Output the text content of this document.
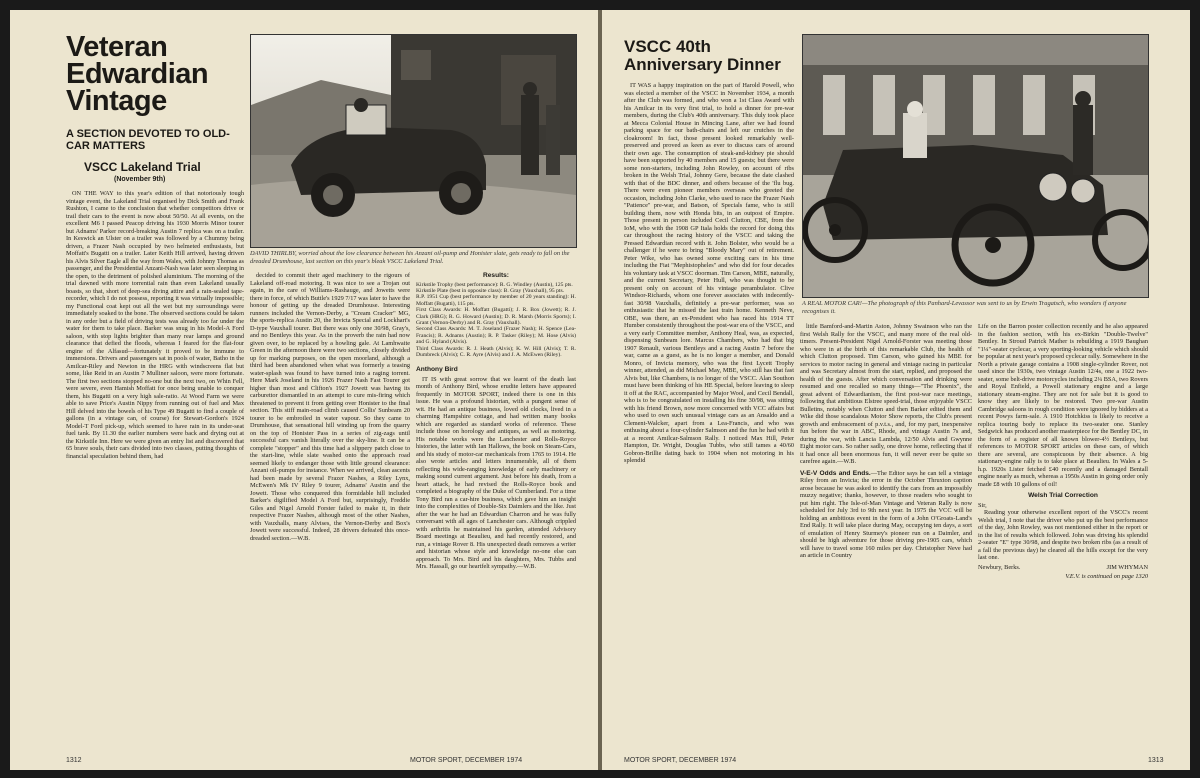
Veteran
Edwardian
Vintage
A SECTION DEVOTED TO OLD-CAR MATTERS
VSCC Lakeland Trial
(November 9th)
DAVID THIRLBY, worried about the low clearance between his Anzani oil-pump and Honister slate, gets ready to fall on the dreaded Drumhouse, last section on this year's bleak VSCC Lakeland Trial.

ON THE WAY to this year's edition of that notoriously tough vintage event, the Lakeland Trial organised by Dick Smith and Frank Rushton, I came to the conclusion that whether competitors drive or trail their cars to the event is now about 50/50. At all events, on the excellent M6 I passed Peacop driving his 1930 Morris Minor tourer but Adnams' Parker record-breaking Austin 7 replica was on a trailer. In Keswick an Ulster on a trailer was followed by a Chummy being driven, a Frazer Nash occupied by two helmeted enthusiasts, but Moffatt's Bugatti on a trailer. Later Keith Hill arrived, having driven his Alvis Silver Eagle all the way from Wales, with Johnny Thomas as passenger, and the Presidential Anzani-Nash was later seen sleeping in the open, to the detriment of polished aluminium. The morning of the trial dawned with more torrential rain than even Lakeland usually boasts, so that, short of deep-sea diving attire and a rain-sealed tape-recorder, which I do not possess, reporting it was virtually impossible; my Functional coat kept out all the wet but my surroundings were immediately soaked to the bone. The observed sections could be taken in any order but a field of driving tests was already too far under the water for them to take place. Barker was snug in his Model-A Ford saloon, with stop lights brighter than many rear lamps and ground clearance that defied the floods, whereas I feared for the flat-four engine of the Alfasud—fortunately it proved to be immune to immersions. Drivers and passengers sat in pools of water, Batho in the Amilcar-Riley and Newton in the HRG with windscreens flat but some, like Reid in an Austin 7 Mulliner saloon, were more fortunate. The first two sections stopped no-one but the next two, on Whin Fell, were severe, even Hamish Moffatt for once being unable to conquer them, his Bugatti on a very high sale-ratio. At Wood Farm we were able to save Price's Austin Nippy from running out of fuel and Max Hill delved into the bowels of his Type 49 Bugatti to find a couple of gallons (in a vintage can, of course) for Stewart-Gordon's 1924 Model-T Ford pick-up, which seemed to have rain in its under-seat fuel tank. By 11.30 the earlier numbers were back and drying out at the Kirkstile Inn. Here we were given an entry list and discovered that 65 brave souls, their cars divided into two classes, putting thoughts of financial speculation behind them, had

decided to commit their aged machinery to the rigours of Lakeland off-road motoring. It was nice to see a Trojan out again, in the care of Williams-Rashauge, and Jowetts were there in force, of which Buttle's 1929 7/17 was later to have the honour of getting up the dreaded Drumhouse. Interesting runners included the Vernon-Derby, a "Cream Cracker" MG, the sports-replica Austin 20, the Invicta Special and Lockhart's D-type Vauxhall tourer. But there was only one 30/98, Gray's, and no Bentleys this year. As in the proverb the rain had now given over, to be replaced by a howling gale. At Lamhwaite Green in the afternoon there were two sections, closely divided up for marking purposes, on the open moorland, although a third had been abandoned when what was formerly a teasing water-splash was found to have turned into a raging torrent. Here Mark Joseland in his 1926 Frazer Nash Fast Tourer got higher than most and Clifton's 1927 Jowett was having its carburettor dismantled in an attempt to cure mis-firing which threatened to prevent it from getting over Honister to the final section. This stiff main-road climb caused Collis' Sunbeam 20 tourer to be embroiled in water vapour. So they came to Drumhouse, that sensational hill winding up from the quarry on the top of Honister Pass in a series of zig-zags until successful cars vanish literally over the sky-line. It can be a complete "stopper" and this time had a slippery patch close to the start-line, while slate washed onto the approach road seemed likely to endanger those with little ground clearance: Anzani oil-pumps for instance. When we arrived, clean ascents had been made by several Frazer Nashes, a Riley Lynx, McEwen's Mk IV Riley 9 tourer, Adnams' Austin and the Jowett. Those who conquered this formidable hill included Barker's digilified Model A Ford but, surprisingly, Freddie Giles and Nigel Arnold Forster failed to make it, in their respective Frazer Nashes, although most of the other Nashes, with Vauxhalls, many Alvises, the Vernon-Derby and Box's Jowett were successful. Indeed, 28 drivers defeated this once-dreaded section.—W.B.

Results:
Kirkstile Trophy (best performance): R. G. Windley (Austin), 125 pts.
Kirkstile Plate (best in opposite class): B. Gray (Vauxhall), 95 pts.
R.P. 1951 Cup (best performance by member of 20 years standing): H. Moffatt (Bugatti), 115 pts.
First Class Awards: H. Moffatt (Bugatti); J. R. Box (Jowett); R. J. Clark (HRG); R. G. Howard (Austin); D. R. Marsh (Morris Sports); I. Grant (Vernon-Derby) and R. Gray (Vauxhall).
Second Class Awards: M. T. Joseland (Frazer Nash); H. Spence (Lea-Francis); R. Adnams (Austin); R. P. Tasker (Riley); M. Hose (Alvis) and G. Hyland (Alvis).
Third Class Awards: R. J. Heath (Alvis); K. W. Hill (Alvis); T. R. Dumbreck (Alvis); C. R. Ayre (Alvis) and J. A. McEwen (Riley).
Anthony Bird

IT IS with great sorrow that we learnt of the death last month of Anthony Bird, whose erudite letters have appeared frequently in MOTOR SPORT, indeed there is one in this issue. He was a profound historian, with a pungent sense of wit. He had an antique business, loved old clocks, lived in a charming Hampshire cottage, and had written many books which are regarded as standard works of reference. These include those on horology and antiques, as well as motoring. His notable works were the Lanchester and Rolls-Royce histories, the latter with Ian Hallows, the book on Steam-Cars, and his study of motor-car mechanicals from 1765 to 1914. He also wrote articles and letters innumerable, all of them reflecting his wide-ranging knowledge of early machinery or making sound current argument. Just before his death, from a heart attack, he had revised the Rolls-Royce book and completed a biography of the Duke of Cumberland. For a time Tony Bird ran a car-hire business, which gave him an insight into the complexities of Double-Six Daimlers and the like. Just after the war he had an Edwardian Charron and he was fully conversant with all ages of Lanchester cars. Although crippled with arthritis he maintained his garden, attended Advisory Board meetings at Beaulieu, and had recently restored, and run, a vintage Rover 8. His unexpected death removes a writer and historian whose style and knowledge no-one else can approach. To Mrs. Bird and his daughters, Mrs. Tubbs and Mrs. Hassall, go our heartfelt sympathy.—W.B.

1312	MOTOR SPORT, DECEMBER 1974
VSCC 40th
Anniversary Dinner

IT WAS a happy inspiration on the part of Harold Powell, who was elected a member of the VSCC in November 1934, a month after the Club was formed, and who won a 1st Class Award with his Amilcar in its very first trial, to hold a dinner for pre-war members, during the Club's 40th anniversary. This duly took place at Mecca Colonial House in Mincing Lane, after we had found parking space for our bath-chairs and left our crutches in the cloakroom! In fact, those present looked remarkably well-preserved and proved as keen as ever to discuss cars of around their own age. The consumption of steak-and-kidney pie should have been supported by 40 members and 15 guests; but there were some non-starters, including John Rowley, on account of ribs broken in the Welsh Trial, Johnny Gere, because the date clashed with that of the BDC dinner, and others because of the 'flu bug. There were even pioneer members overseas who greeted the occasion, including John Clarke, who used to race the Frazer Nash "Patience" pre-war, and Batson, of Specials fame, who is still building them, now with Honda bits, in an outpost of Empire. Those present in person included Cecil Clutton, CBE, from the IoM, who with the 1908 GP Itala holds the record for doing this car throughout the racing history of the VSCC and taking the Pressed Edwardian record with it. John Bolster, who would be a challenger if he were to bring "Bloody Mary" out of retirement. Peter Wike, who has owned some exciting cars in his time including the Fiat "Mephistopheles" and who did for four decades his voluntary task at VSCC doorman. Tim Carson, MBE, naturally, and the current Secretary, Peter Hull, who was thought to be present only on account of his vintage perambulator. Clive Windsor-Richards, whom one forever associates with indecently-fast 30/98 Vauxhalls, definitely a pre-war performer, was so enthusiastic that he missed the last train home. Kenneth Neve, OBE, was there, an ex-President who has raced his 1914 TT Humber consistently throughout the post-war era of the VSCC, and a very early Committee member, Anthony Heal, was, as expected, dispensing Sunbeam lore. Marcus Chambers, who had that big 1907 Renault, various Bentleys and a racing Austin 7 before the war, came as a guest, as he is no longer a member, and Donald Monro, of Invicta memory, who was the first Lycett Trophy winner, attended, as did Michael May, MBE, who still has that fast Alvis but, like Chambers, is no longer of the VSCC. Alan Southon must have been thinking of his HE Special, before leaving to sleep it off at the RAC, accompanied by Major Wool, and Cecil Bendall, who is to be congratulated on installing his fine 30/98, was sitting with his friend Brown, now more concerned with VCC affairs but who used to own such unusual vintage cars as an Ansaldo and a Clement-Walcker, apart from a Lea-Francis, and who was enthusing about a four-cylinder Salmson and the fun he had with it at a recent Amilcar-Salmson Rally. I noticed Max Hill, Peter Hampton, Dr. Wright, Douglas Tubbs, who still tames a 40/60 Gobron-Brillie dating back to 1904 when not motoring in his splendid

A REAL MOTOR CAR!—The photograph of this Panhard-Levassor was sent to us by Erwin Tragatsch, who wonders if anyone recognises it.

little Bamford-and-Martin Aston, Johnny Swainson who ran the first Welsh Rally for the VSCC, and many more of the real old-timers. Present-President Nigel Arnold-Forster was meeting those who were in at the birth of this remarkable Club, the health of which Clutton proposed. Tim Carson, who gained his MBE for services to motor racing in general and vintage racing in particular and was Secretary almost from the start, replied, and proposed the health of the guests. After which conversation and drinking were resumed and one recalled so many things—"The Phoenix", the great advent of Edwardianism, the first post-war race meetings, following that ambitious Elstree speed-trial, those enjoyable VSCC Bulletins, notably when Clutton and then Barker edited them and Wike did those scandalous Motor Show reports, the Club's present growth and embracement of p.v.t.s., and, for my part, inexpensive fun before the war in ABC, Rhode, and vintage Austin 7s and, during the war, with Lancia Lambda, 12/50 Alvis and Gwynne Eight motor cars. So rather sadly, one drove home, reflecting that if it had once all been enormous fun, it will never ever be quite so carefree again.—W.B.

V-E-V Odds and Ends.—The Editor says he can tell a vintage Riley from an Invicta; the error in the October Thruxton caption arose because he was asked to identify the cars from an impossibly muzzy negative; thanks, however, to those readers who sought to put him right. The Isle-of-Man Vintage and Veteran Rally is now scheduled for July 3rd to 9th next year. In 1975 the VCC will be holding an ambitious event in the form of a John O'Groats-Land's End Rally. It will take place during May, occupying ten days, a sort of emulation of Henry Sturmey's pioneer run on a Daimler, and should be high adventure for those driving pre-1905 cars, which will have to travel some 160 miles per day. Christopher Neve had an article in Country

Life on the Barron poster collection recently and he also appeared in the fashion section, with his ex-Birkin "Double-Twelve" Bentley. In Stroud Patrick Mather is rebuilding a 1919 Baughan "1¼"-seater cyclecar, a very sporting-looking vehicle which should be popular at next year's proposed cyclecar rally. Somewhere in the North a private garage contains a 1908 single-cylinder Rover, not used since the 1930s, two vintage Austin 12/4s, one a 1922 two-seater, some belt-drive motorcycles including 2¼ BSA, two Rovers and Royal Enfield, a Powell stationary engine and a large stationary steam-engine. They are not for sale but it is good to know they are likely to be restored. Two pre-war Austin Cambridge saloons in rough condition were ignored by bidders at a recent Powys farm-sale. A 1910 Hotchkiss is likely to receive a replica touring body to replace its two-seater one. Stanley Sedgwick has produced another masterpiece for the Bentley DC, in the form of a register of all known blower-4½ Bentleys, but references to MOTOR SPORT articles on these cars, of which there are several, are conspicuous by their absence. A big stationary-engine rally is to take place at Beaulieu. In Wales a 5-h.p. 1920s Lister fetched £40 recently and a damaged Bentall engine nearly as much, whereas a 1950s Austin in going order only made £8 with 10 gallons of oil!

Welsh Trial Correction
Sir,

Reading your otherwise excellent report of the VSCC's recent Welsh trial, I note that the driver who put up the best performance of the day, John Rowley, was not mentioned either in the report or in the list of results which followed. John was driving his splendid 2-seater "E" type 30/98, and despite two broken ribs (as a result of a fall the previous day) he cleared all the hills except for the very last one.

Newbury, Berks.	JIM WHYMAN
V.E.V. is continued on page 1320
MOTOR SPORT, DECEMBER 1974	1313
